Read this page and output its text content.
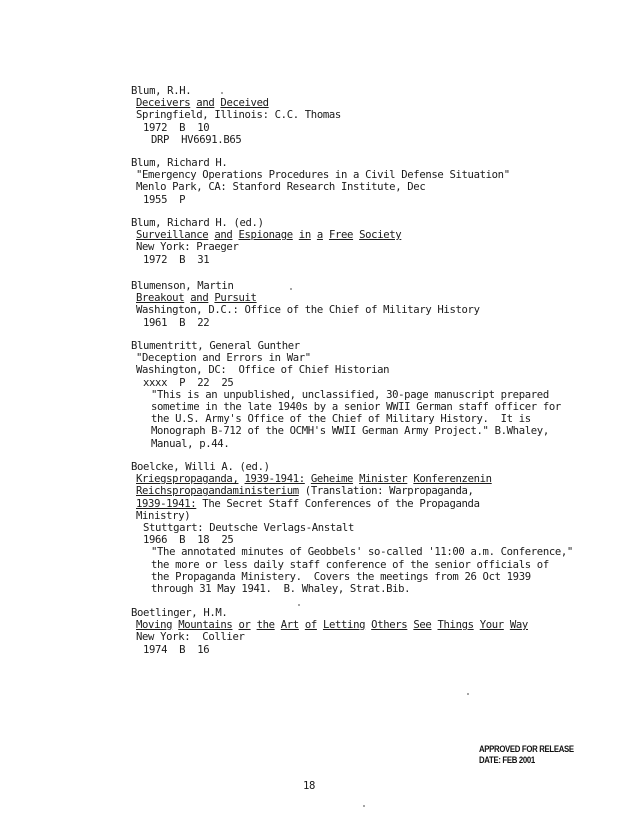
Blum, R.H.
Deceivers and Deceived
Springfield, Illinois: C.C. Thomas
1972  B  10
DRP  HV6691.B65
Blum, Richard H.
"Emergency Operations Procedures in a Civil Defense Situation"
Menlo Park, CA: Stanford Research Institute, Dec
1955  P
Blum, Richard H. (ed.)
Surveillance and Espionage in a Free Society
New York: Praeger
1972  B  31
Blumenson, Martin
Breakout and Pursuit
Washington, D.C.: Office of the Chief of Military History
1961  B  22
Blumentritt, General Gunther
"Deception and Errors in War"
Washington, DC:  Office of Chief Historian
xxxx  P  22  25
"This is an unpublished, unclassified, 30-page manuscript prepared
sometime in the late 1940s by a senior WWII German staff officer for
the U.S. Army's Office of the Chief of Military History.  It is
Monograph B-712 of the OCMH's WWII German Army Project." B.Whaley,
Manual, p.44.
Boelcke, Willi A. (ed.)
Kriegspropaganda, 1939-1941: Geheime Minister Konferenzenin
Reichspropagandaministerium (Translation: Warpropaganda,
1939-1941: The Secret Staff Conferences of the Propaganda
Ministry)
Stuttgart: Deutsche Verlags-Anstalt
1966  B  18  25
"The annotated minutes of Geobbels' so-called '11:00 a.m. Conference,"
the more or less daily staff conference of the senior officials of
the Propaganda Ministery.  Covers the meetings from 26 Oct 1939
through 31 May 1941.  B. Whaley, Strat.Bib.
Boetlinger, H.M.
Moving Mountains or the Art of Letting Others See Things Your Way
New York:  Collier
1974  B  16
APPROVED FOR RELEASE
DATE: FEB 2001
18
